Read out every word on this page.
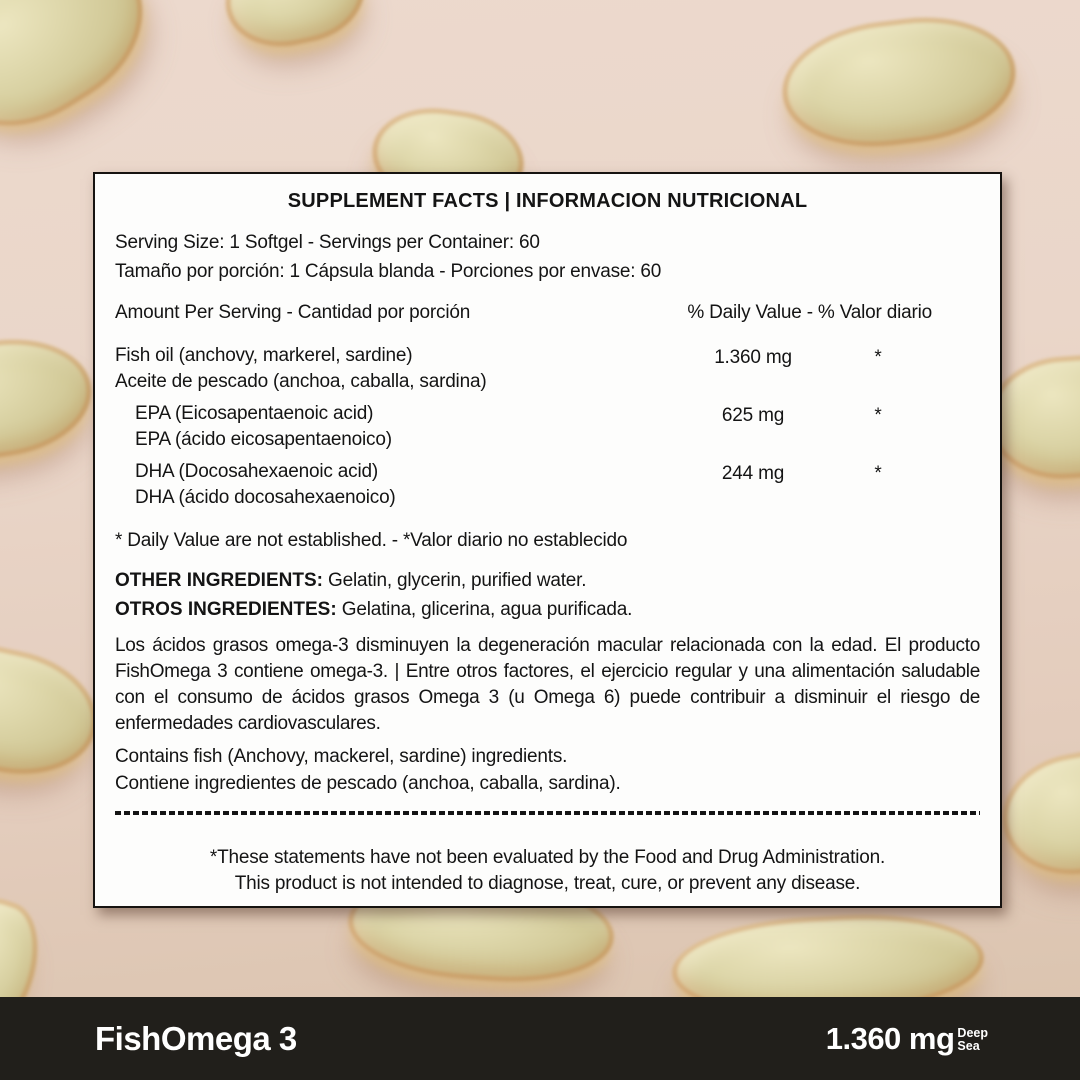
SUPPLEMENT FACTS | INFORMACION NUTRICIONAL
Serving Size: 1 Softgel - Servings per Container: 60
Tamaño por porción: 1 Cápsula blanda - Porciones por envase: 60
Amount Per Serving - Cantidad por porción	% Daily Value - % Valor diario
Fish oil (anchovy, markerel, sardine)
Aceite de pescado (anchoa, caballa, sardina)
1.360 mg	*
EPA (Eicosapentaenoic acid)
EPA (ácido eicosapentaenoico)
625 mg	*
DHA (Docosahexaenoic acid)
DHA (ácido docosahexaenoico)
244 mg	*
* Daily Value are not established. - *Valor diario no establecido
OTHER INGREDIENTS: Gelatin, glycerin, purified water.
OTROS INGREDIENTES: Gelatina, glicerina, agua purificada.
Los ácidos grasos omega-3 disminuyen la degeneración macular relacionada con la edad. El producto FishOmega 3 contiene omega-3. | Entre otros factores, el ejercicio regular y una alimentación saludable con el consumo de ácidos grasos Omega 3 (u Omega 6) puede contribuir a disminuir el riesgo de enfermedades cardiovasculares.
Contains fish (Anchovy, mackerel, sardine) ingredients.
Contiene ingredientes de pescado (anchoa, caballa, sardina).
*These statements have not been evaluated by the Food and Drug Administration.
This product is not intended to diagnose, treat, cure, or prevent any disease.
FishOmega 3	1.360 mg Deep
Sea
